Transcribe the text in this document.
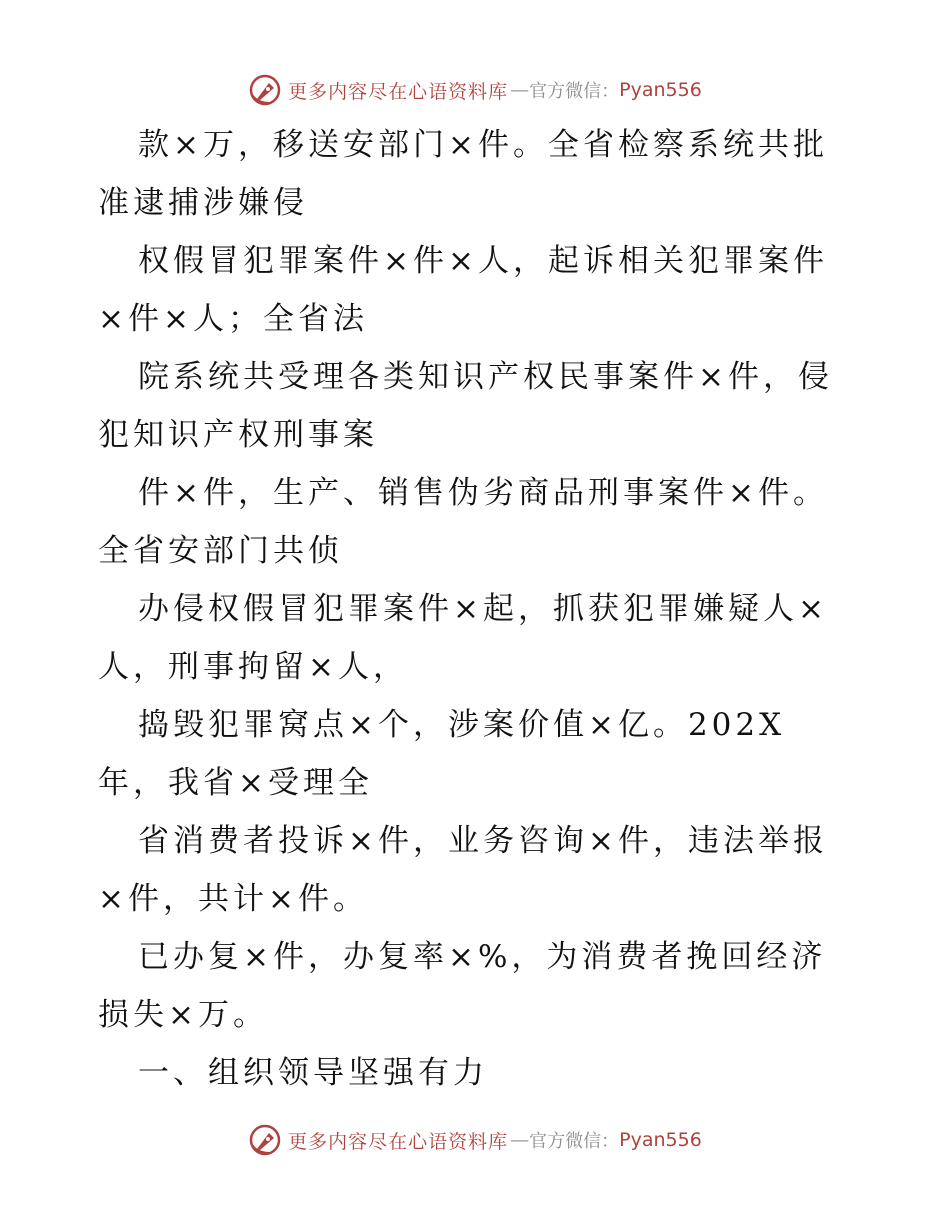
更多内容尽在心语资料库 — 官方微信： Pyan556

款×万，移送安部门×件。全省检察系统共批准逮捕涉嫌侵

权假冒犯罪案件×件×人，起诉相关犯罪案件×件×人；全省法

院系统共受理各类知识产权民事案件×件，侵犯知识产权刑事案

件×件，生产、销售伪劣商品刑事案件×件。全省安部门共侦

办侵权假冒犯罪案件×起，抓获犯罪嫌疑人×人，刑事拘留×人，

捣毁犯罪窝点×个，涉案价值×亿。202X 年，我省×受理全

省消费者投诉×件，业务咨询×件，违法举报×件，共计×件。

已办复×件，办复率×%，为消费者挽回经济损失×万。

一、组织领导坚强有力

更多内容尽在心语资料库 — 官方微信： Pyan556
